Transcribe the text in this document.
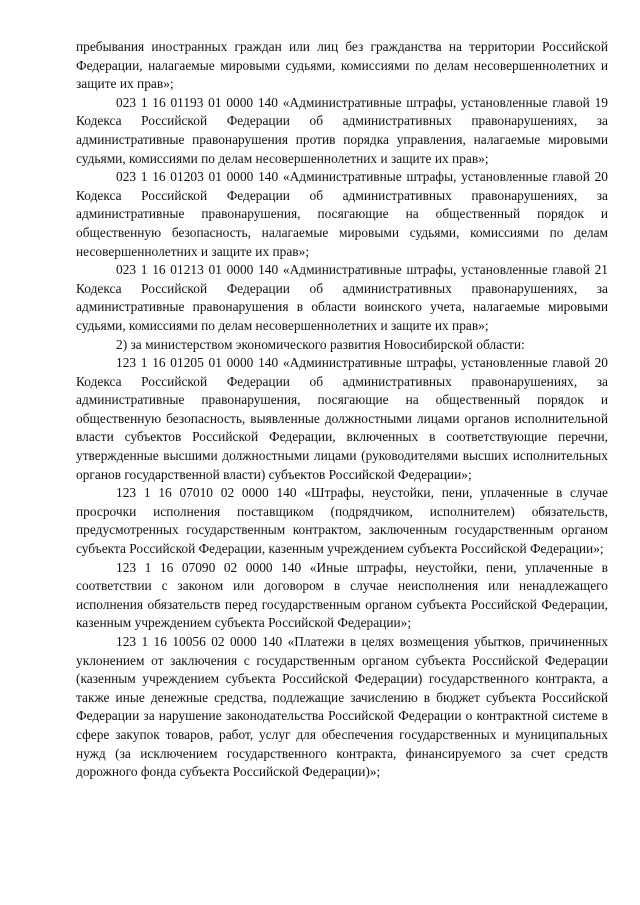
пребывания иностранных граждан или лиц без гражданства на территории Российской Федерации, налагаемые мировыми судьями, комиссиями по делам несовершеннолетних и защите их прав»;

023 1 16 01193 01 0000 140 «Административные штрафы, установленные главой 19 Кодекса Российской Федерации об административных правонарушениях, за административные правонарушения против порядка управления, налагаемые мировыми судьями, комиссиями по делам несовершеннолетних и защите их прав»;

023 1 16 01203 01 0000 140 «Административные штрафы, установленные главой 20 Кодекса Российской Федерации об административных правонарушениях, за административные правонарушения, посягающие на общественный порядок и общественную безопасность, налагаемые мировыми судьями, комиссиями по делам несовершеннолетних и защите их прав»;

023 1 16 01213 01 0000 140 «Административные штрафы, установленные главой 21 Кодекса Российской Федерации об административных правонарушениях, за административные правонарушения в области воинского учета, налагаемые мировыми судьями, комиссиями по делам несовершеннолетних и защите их прав»;

2) за министерством экономического развития Новосибирской области:

123 1 16 01205 01 0000 140 «Административные штрафы, установленные главой 20 Кодекса Российской Федерации об административных правонарушениях, за административные правонарушения, посягающие на общественный порядок и общественную безопасность, выявленные должностными лицами органов исполнительной власти субъектов Российской Федерации, включенных в соответствующие перечни, утвержденные высшими должностными лицами (руководителями высших исполнительных органов государственной власти) субъектов Российской Федерации»;

123 1 16 07010 02 0000 140 «Штрафы, неустойки, пени, уплаченные в случае просрочки исполнения поставщиком (подрядчиком, исполнителем) обязательств, предусмотренных государственным контрактом, заключенным государственным органом субъекта Российской Федерации, казенным учреждением субъекта Российской Федерации»;

123 1 16 07090 02 0000 140 «Иные штрафы, неустойки, пени, уплаченные в соответствии с законом или договором в случае неисполнения или ненадлежащего исполнения обязательств перед государственным органом субъекта Российской Федерации, казенным учреждением субъекта Российской Федерации»;

123 1 16 10056 02 0000 140 «Платежи в целях возмещения убытков, причиненных уклонением от заключения с государственным органом субъекта Российской Федерации (казенным учреждением субъекта Российской Федерации) государственного контракта, а также иные денежные средства, подлежащие зачислению в бюджет субъекта Российской Федерации за нарушение законодательства Российской Федерации о контрактной системе в сфере закупок товаров, работ, услуг для обеспечения государственных и муниципальных нужд (за исключением государственного контракта, финансируемого за счет средств дорожного фонда субъекта Российской Федерации)»;
